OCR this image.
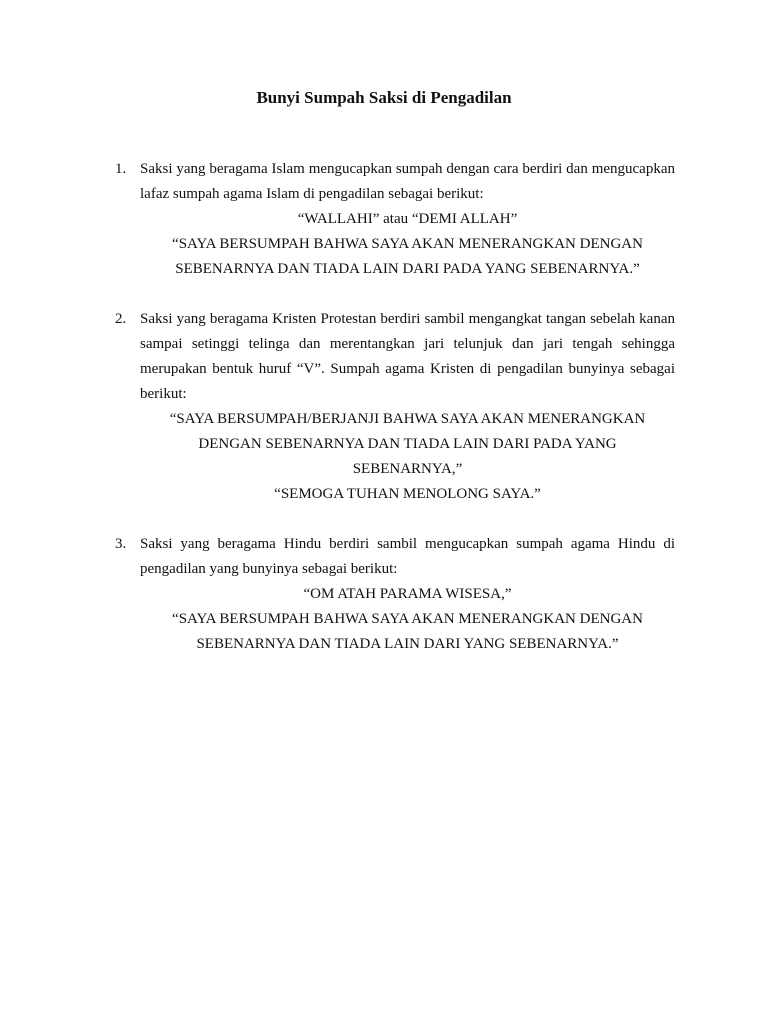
Bunyi Sumpah Saksi di Pengadilan
1. Saksi yang beragama Islam mengucapkan sumpah dengan cara berdiri dan mengucapkan lafaz sumpah agama Islam di pengadilan sebagai berikut:
“WALLAHI” atau “DEMI ALLAH”
“SAYA BERSUMPAH BAHWA SAYA AKAN MENERANGKAN DENGAN
SEBENARNYA DAN TIADA LAIN DARI PADA YANG SEBENARNYA.”
2. Saksi yang beragama Kristen Protestan berdiri sambil mengangkat tangan sebelah kanan sampai setinggi telinga dan merentangkan jari telunjuk dan jari tengah sehingga merupakan bentuk huruf “V”. Sumpah agama Kristen di pengadilan bunyinya sebagai berikut:
“SAYA BERSUMPAH/BERJANJI BAHWA SAYA AKAN MENERANGKAN
DENGAN SEBENARNYA DAN TIADA LAIN DARI PADA YANG
SEBENARNYA,”
“SEMOGA TUHAN MENOLONG SAYA.”
3. Saksi yang beragama Hindu berdiri sambil mengucapkan sumpah agama Hindu di pengadilan yang bunyinya sebagai berikut:
“OM ATAH PARAMA WISESA,”
“SAYA BERSUMPAH BAHWA SAYA AKAN MENERANGKAN DENGAN
SEBENARNYA DAN TIADA LAIN DARI YANG SEBENARNYA.”
